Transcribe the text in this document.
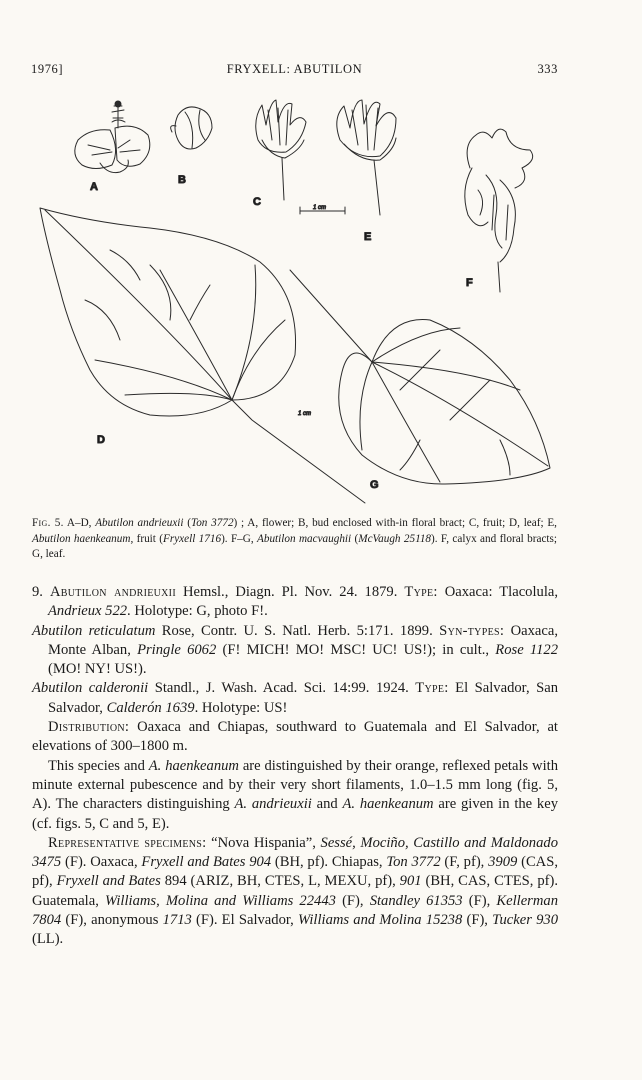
1976]	FRYXELL: ABUTILON	333
A
B
C	1 cm
E
F
D
1 cm
G
Fig. 5. A–D, Abutilon andrieuxii (Ton 3772) ; A, flower; B, bud enclosed with-in floral bract; C, fruit; D, leaf; E, Abutilon haenkeanum, fruit (Fryxell 1716). F–G, Abutilon macvaughii (McVaugh 25118). F, calyx and floral bracts; G, leaf.

9. Abutilon andrieuxii Hemsl., Diagn. Pl. Nov. 24. 1879. Type: Oaxaca: Tlacolula, Andrieux 522. Holotype: G, photo F!.

Abutilon reticulatum Rose, Contr. U. S. Natl. Herb. 5:171. 1899. Syn-types: Oaxaca, Monte Alban, Pringle 6062 (F! MICH! MO! MSC! UC! US!); in cult., Rose 1122 (MO! NY! US!).

Abutilon calderonii Standl., J. Wash. Acad. Sci. 14:99. 1924. Type: El Salvador, San Salvador, Calderón 1639. Holotype: US!

Distribution: Oaxaca and Chiapas, southward to Guatemala and El Salvador, at elevations of 300–1800 m.

This species and A. haenkeanum are distinguished by their orange, reflexed petals with minute external pubescence and by their very short filaments, 1.0–1.5 mm long (fig. 5, A). The characters distinguishing A. andrieuxii and A. haenkeanum are given in the key (cf. figs. 5, C and 5, E).

Representative specimens: “Nova Hispania”, Sessé, Mociño, Castillo and Maldonado 3475 (F). Oaxaca, Fryxell and Bates 904 (BH, pf). Chiapas, Ton 3772 (F, pf), 3909 (CAS, pf), Fryxell and Bates 894 (ARIZ, BH, CTES, L, MEXU, pf), 901 (BH, CAS, CTES, pf). Guatemala, Williams, Molina and Williams 22443 (F), Standley 61353 (F), Kellerman 7804 (F), anonymous 1713 (F). El Salvador, Williams and Molina 15238 (F), Tucker 930 (LL).
